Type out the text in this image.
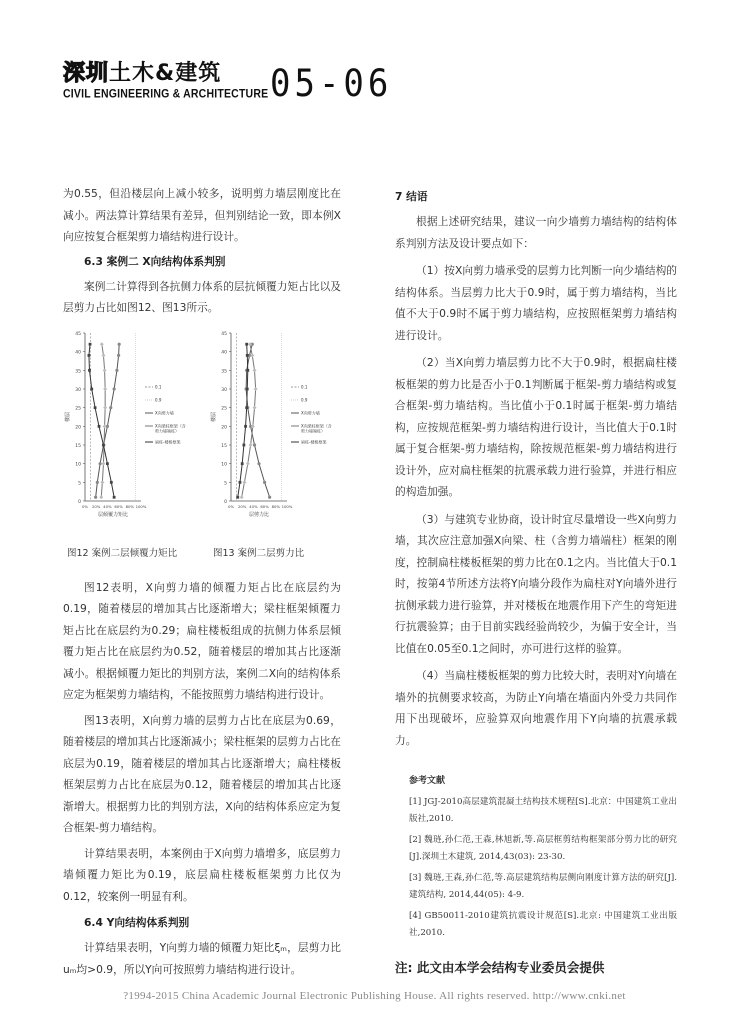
深圳土木&建筑
CIVIL ENGINEERING & ARCHITECTURE 05-06

为0.55，但沿楼层向上减小较多，说明剪力墙层刚度比在减小。两法算计算结果有差异，但判别结论一致，即本例X向应按复合框架剪力墙结构进行设计。

6.3 案例二 X向结构体系判别

案例二计算得到各抗侧力体系的层抗倾覆力矩占比以及层剪力占比如图12、图13所示。

0
5
10
15
20
25
30
35
40
45
0% 20% 40% 60% 80% 100%
层倾覆力矩比
楼层
0.1
0.9
X向剪力墙
X向梁柱框架（含
剪力墙端柱）
扁柱-楼板框架
0
5
10
15
20
25
30
35
40
45
0% 20% 40% 60% 80% 100%
层剪力比
楼层
0.1
0.9
X向剪力墙
X向梁柱框架（含
剪力墙端柱）
扁柱-楼板框架
图12 案例二层倾覆力矩比	图13 案例二层剪力比

图12表明，X向剪力墙的倾覆力矩占比在底层约为0.19，随着楼层的增加其占比逐渐增大；梁柱框架倾覆力矩占比在底层约为0.29；扁柱楼板组成的抗侧力体系层倾覆力矩占比在底层约为0.52，随着楼层的增加其占比逐渐减小。根据倾覆力矩比的判别方法，案例二X向的结构体系应定为框架剪力墙结构，不能按照剪力墙结构进行设计。

图13表明，X向剪力墙的层剪力占比在底层为0.69，随着楼层的增加其占比逐渐减小；梁柱框架的层剪力占比在底层为0.19，随着楼层的增加其占比逐渐增大；扁柱楼板框架层剪力占比在底层为0.12，随着楼层的增加其占比逐渐增大。根据剪力比的判别方法，X向的结构体系应定为复合框架-剪力墙结构。

计算结果表明，本案例由于X向剪力墙增多，底层剪力墙倾覆力矩比为0.19，底层扁柱楼板框架剪力比仅为0.12，较案例一明显有利。

6.4 Y向结构体系判别

计算结果表明，Y向剪力墙的倾覆力矩比ξₘ，层剪力比uₘ均>0.9，所以Y向可按照剪力墙结构进行设计。

7 结语

根据上述研究结果，建议一向少墙剪力墙结构的结构体系判别方法及设计要点如下：

（1）按X向剪力墙承受的层剪力比判断一向少墙结构的结构体系。当层剪力比大于0.9时，属于剪力墙结构，当比值不大于0.9时不属于剪力墙结构，应按照框架剪力墙结构进行设计。

（2）当X向剪力墙层剪力比不大于0.9时，根据扁柱楼板框架的剪力比是否小于0.1判断属于框架-剪力墙结构或复合框架-剪力墙结构。当比值小于0.1时属于框架-剪力墙结构，应按规范框架-剪力墙结构进行设计，当比值大于0.1时属于复合框架-剪力墙结构，除按规范框架-剪力墙结构进行设计外，应对扁柱框架的抗震承载力进行验算，并进行相应的构造加强。

（3）与建筑专业协商，设计时宜尽量增设一些X向剪力墙，其次应注意加强X向梁、柱（含剪力墙端柱）框架的刚度，控制扁柱楼板框架的剪力比在0.1之内。当比值大于0.1时，按第4节所述方法将Y向墙分段作为扁柱对Y向墙外进行抗侧承载力进行验算，并对楼板在地震作用下产生的弯矩进行抗震验算；由于目前实践经验尚较少，为偏于安全计，当比值在0.05至0.1之间时，亦可进行这样的验算。

（4）当扁柱楼板框架的剪力比较大时，表明对Y向墙在墙外的抗侧要求较高，为防止Y向墙在墙面内外受力共同作用下出现破坏，应验算双向地震作用下Y向墙的抗震承载力。

参考文献
[1] JGJ-2010高层建筑混凝土结构技术规程[S].北京：中国建筑工业出版社,2010.
[2] 魏琏,孙仁范,王森,林旭新,等.高层框剪结构框架部分剪力比的研究[J].深圳土木建筑, 2014,43(03): 23-30.
[3] 魏琏,王森,孙仁范,等.高层建筑结构层侧向刚度计算方法的研究[J]. 建筑结构, 2014,44(05): 4-9.
[4] GB50011-2010建筑抗震设计规范[S].北京: 中国建筑工业出版社,2010.
注: 此文由本学会结构专业委员会提供
?1994-2015 China Academic Journal Electronic Publishing House. All rights reserved. http://www.cnki.net
